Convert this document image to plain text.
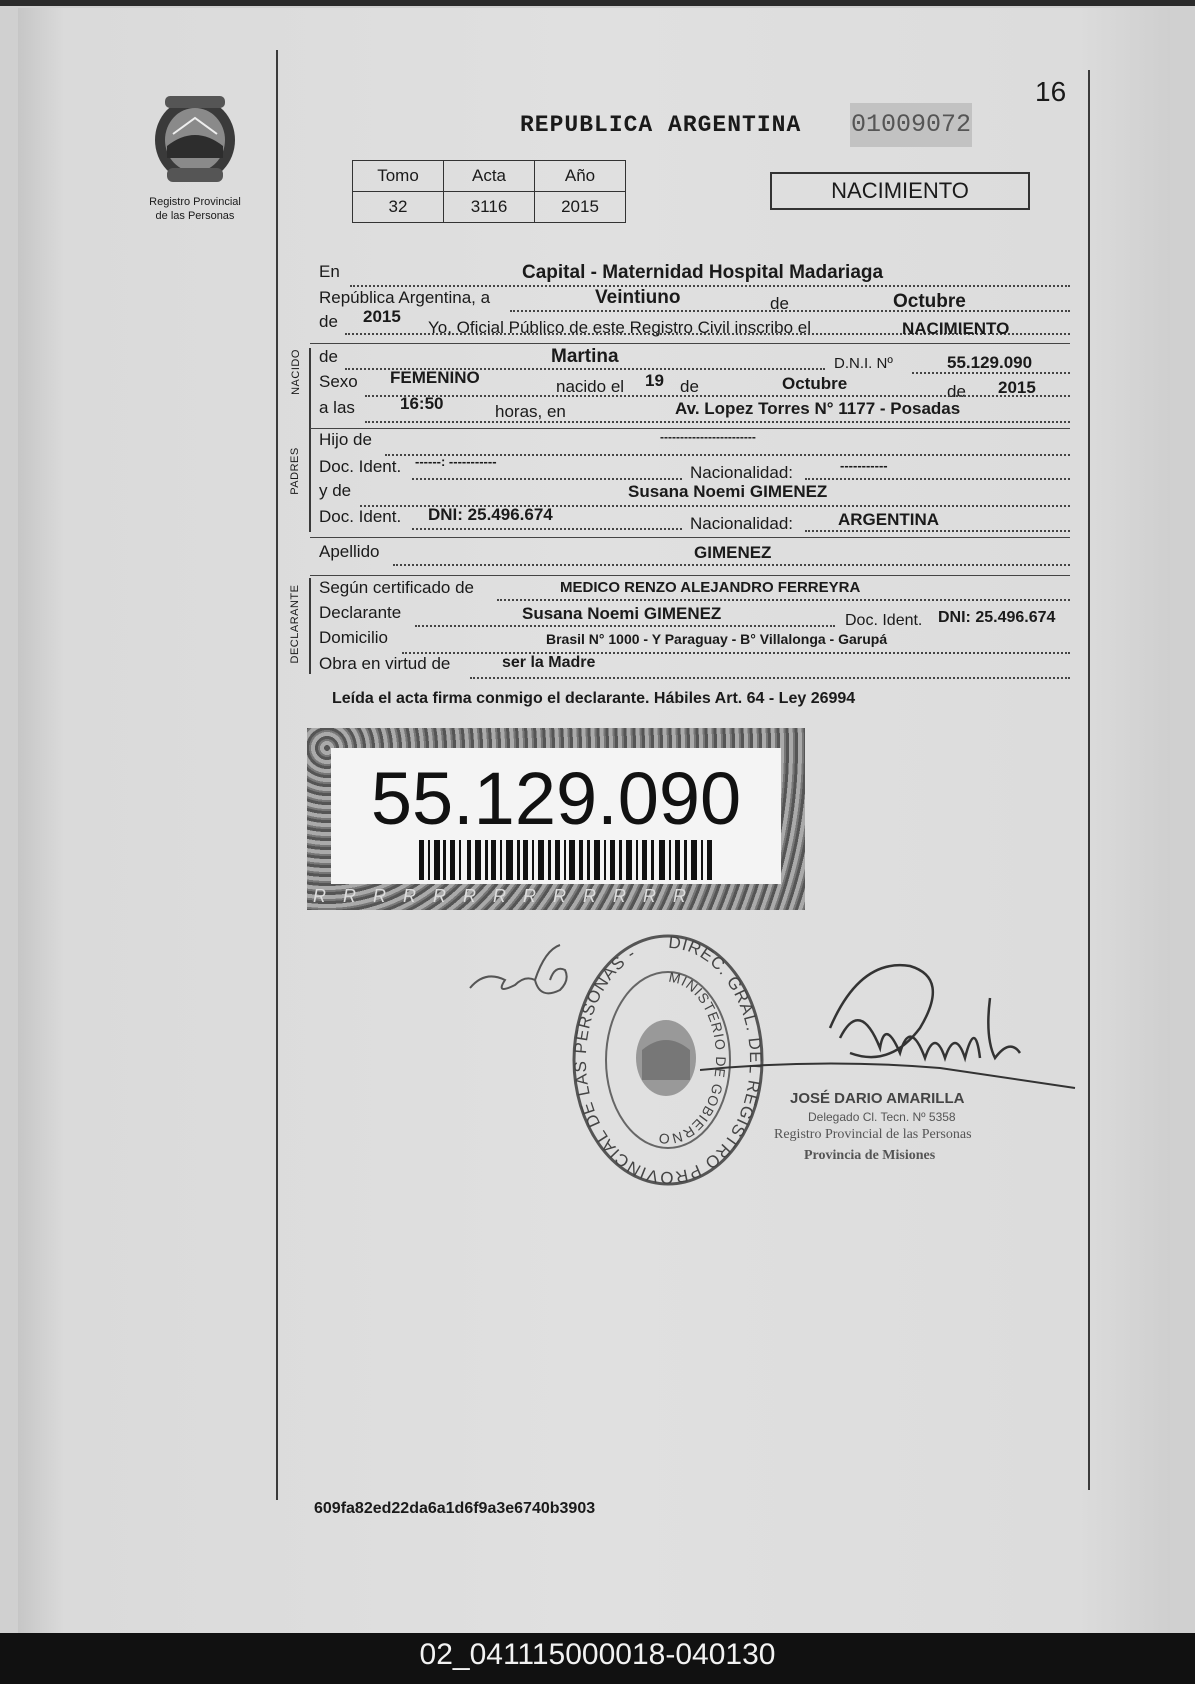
Registro Provincial
de las Personas
REPUBLICA ARGENTINA 01009072
16
Tomo	Acta	Año
32	3116	2015
NACIMIENTO
En	Capital - Maternidad Hospital Madariaga
República Argentina, a	Veintiuno	de	Octubre
de 2015
Yo, Oficial Público de este Registro Civil inscribo el	NACIMIENTO
NACIDO de	Martina	D.N.I. Nº	55.129.090
Sexo FEMENINO	nacido el 19 de	Octubre	de 2015
a las	16:50	horas, en	Av. Lopez Torres N° 1177 - Posadas
PADRES
Hijo de	------------------------
Doc. Ident. ------: -----------
Nacionalidad:	-----------
y de	Susana Noemi GIMENEZ
Doc. Ident. DNI: 25.496.674	Nacionalidad:	ARGENTINA
Apellido	GIMENEZ
DECLARANTE Según certificado de	MEDICO RENZO ALEJANDRO FERREYRA
Declarante	Susana Noemi GIMENEZ	Doc. Ident. DNI: 25.496.674
Domicilio	Brasil N° 1000 - Y Paraguay - B° Villalonga - Garupá
Obra en virtud de	ser la Madre
Leída el acta firma conmigo el declarante. Hábiles Art. 64 - Ley 26994
55.129.090
R R R R R R R R R R R R R
DIREC. GRAL. DEL REGISTRO PROVINCIAL DE LAS PERSONAS -
MINISTERIO DE GOBIERNO
JOSÉ DARIO AMARILLA
Delegado Cl. Tecn. Nº 5358
Registro Provincial de las Personas
Provincia de Misiones
609fa82ed22da6a1d6f9a3e6740b3903
02_041115000018-040130
